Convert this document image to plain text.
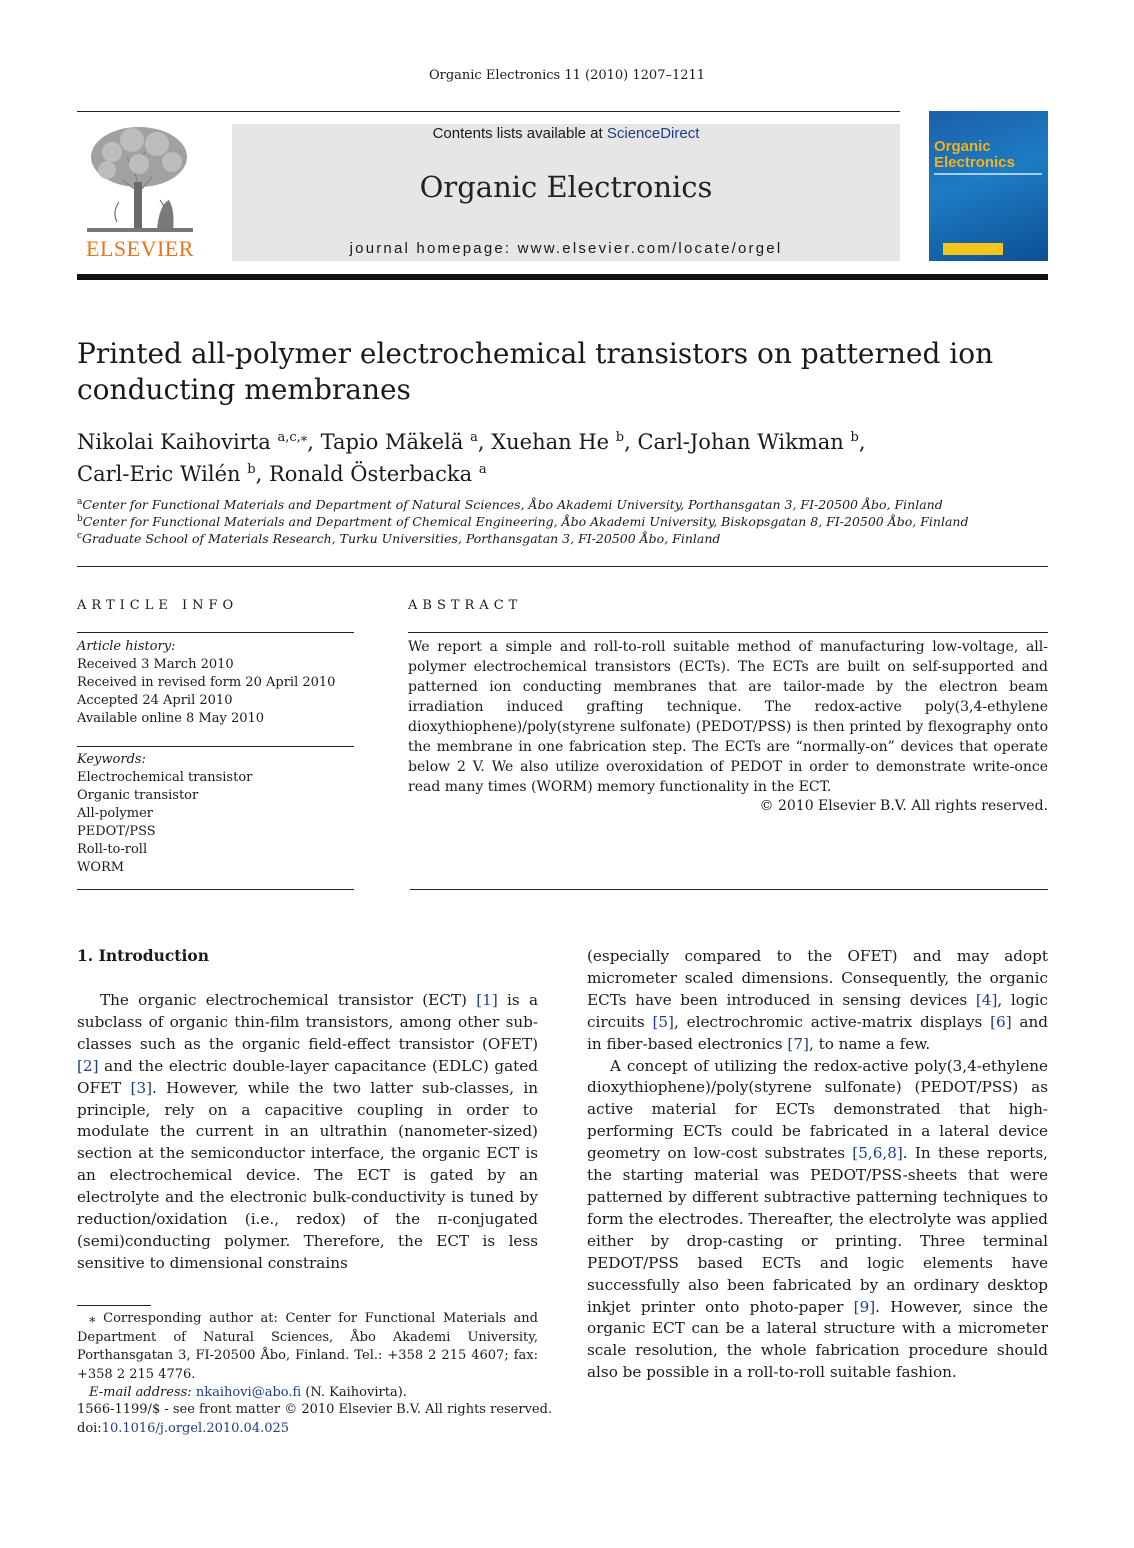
Organic Electronics 11 (2010) 1207–1211
ELSEVIER
Contents lists available at ScienceDirect
Organic Electronics
journal homepage: www.elsevier.com/locate/orgel
Organic
Electronics
Printed all-polymer electrochemical transistors on patterned ion conducting membranes
Nikolai Kaihovirta $^{a,c,⁎}$, Tapio Mäkelä $^a$, Xuehan He $^b$, Carl-Johan Wikman $^b$,
Carl-Eric Wilén $^b$, Ronald Österbacka $^a$
$^a$Center for Functional Materials and Department of Natural Sciences, Åbo Akademi University, Porthansgatan 3, FI-20500 Åbo, Finland
$^b$Center for Functional Materials and Department of Chemical Engineering, Åbo Akademi University, Biskopsgatan 8, FI-20500 Åbo, Finland
$^c$Graduate School of Materials Research, Turku Universities, Porthansgatan 3, FI-20500 Åbo, Finland
ARTICLE INFO
Article history:
Received 3 March 2010
Received in revised form 20 April 2010
Accepted 24 April 2010
Available online 8 May 2010
Keywords:
Electrochemical transistor
Organic transistor
All-polymer
PEDOT/PSS
Roll-to-roll
WORM
ABSTRACT
We report a simple and roll-to-roll suitable method of manufacturing low-voltage, all-polymer electrochemical transistors (ECTs). The ECTs are built on self-supported and patterned ion conducting membranes that are tailor-made by the electron beam irradiation induced grafting technique. The redox-active poly(3,4-ethylene dioxythiophene)/poly(styrene sulfonate) (PEDOT/PSS) is then printed by flexography onto the membrane in one fabrication step. The ECTs are “normally-on” devices that operate below 2 V. We also utilize overoxidation of PEDOT in order to demonstrate write-once read many times (WORM) memory functionality in the ECT.
© 2010 Elsevier B.V. All rights reserved.
1. Introduction

The organic electrochemical transistor (ECT) [1] is a subclass of organic thin-film transistors, among other sub-classes such as the organic field-effect transistor (OFET) [2] and the electric double-layer capacitance (EDLC) gated OFET [3]. However, while the two latter sub-classes, in principle, rely on a capacitive coupling in order to modulate the current in an ultrathin (nanometer-sized) section at the semiconductor interface, the organic ECT is an electrochemical device. The ECT is gated by an electrolyte and the electronic bulk-conductivity is tuned by reduction/oxidation (i.e., redox) of the π-conjugated (semi)conducting polymer. Therefore, the ECT is less sensitive to dimensional constrains

(especially compared to the OFET) and may adopt micrometer scaled dimensions. Consequently, the organic ECTs have been introduced in sensing devices [4], logic circuits [5], electrochromic active-matrix displays [6] and in fiber-based electronics [7], to name a few.

A concept of utilizing the redox-active poly(3,4-ethylene dioxythiophene)/poly(styrene sulfonate) (PEDOT/PSS) as active material for ECTs demonstrated that high-performing ECTs could be fabricated in a lateral device geometry on low-cost substrates [5,6,8]. In these reports, the starting material was PEDOT/PSS-sheets that were patterned by different subtractive patterning techniques to form the electrodes. Thereafter, the electrolyte was applied either by drop-casting or printing. Three terminal PEDOT/PSS based ECTs and logic elements have successfully also been fabricated by an ordinary desktop inkjet printer onto photo-paper [9]. However, since the organic ECT can be a lateral structure with a micrometer scale resolution, the whole fabrication procedure should also be possible in a roll-to-roll suitable fashion.

⁎ Corresponding author at: Center for Functional Materials and Department of Natural Sciences, Åbo Akademi University, Porthansgatan 3, FI-20500 Åbo, Finland. Tel.: +358 2 215 4607; fax: +358 2 215 4776.
E-mail address: nkaihovi@abo.fi (N. Kaihovirta).
1566-1199/$ - see front matter © 2010 Elsevier B.V. All rights reserved.
doi:10.1016/j.orgel.2010.04.025
